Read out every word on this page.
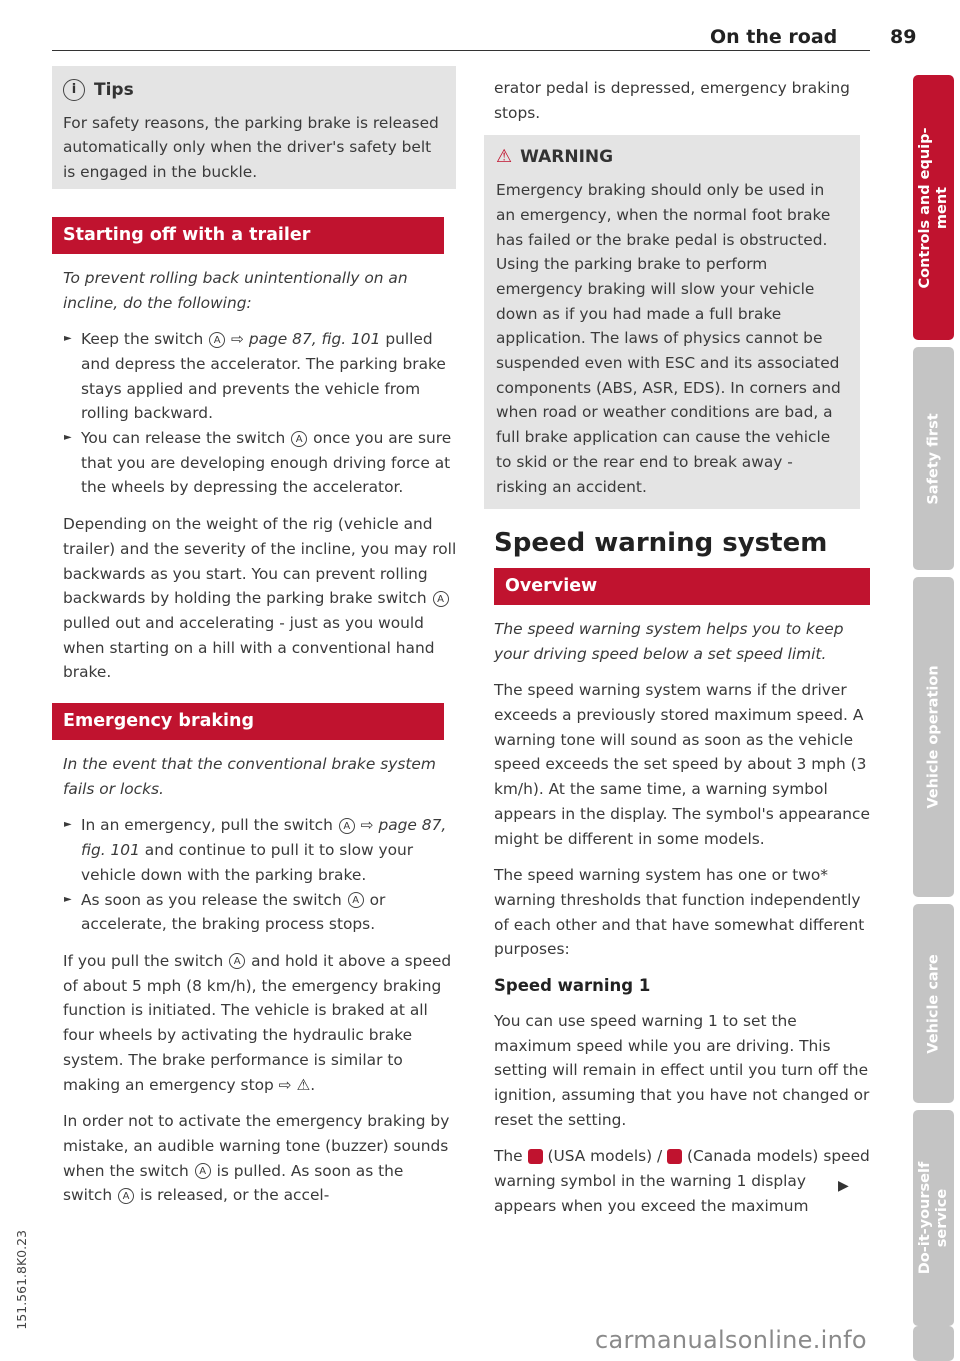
On the road	89
i	Tips

For safety reasons, the parking brake is released automatically only when the driver's safety belt is engaged in the buckle.

Starting off with a trailer

To prevent rolling back unintentionally on an incline, do the following:

► Keep the switch A ⇨ page 87, fig. 101 pulled and depress the accelerator. The parking brake stays applied and prevents the vehicle from rolling backward.
► You can release the switch A once you are sure that you are developing enough driving force at the wheels by depressing the accelerator.

Depending on the weight of the rig (vehicle and trailer) and the severity of the incline, you may roll backwards as you start. You can prevent rolling backwards by holding the parking brake switch A pulled out and accelerating - just as you would when starting on a hill with a conventional hand brake.

Emergency braking

In the event that the conventional brake system fails or locks.

► In an emergency, pull the switch A ⇨ page 87, fig. 101 and continue to pull it to slow your vehicle down with the parking brake.
► As soon as you release the switch A or accelerate, the braking process stops.

If you pull the switch A and hold it above a speed of about 5 mph (8 km/h), the emergency braking function is initiated. The vehicle is braked at all four wheels by activating the hydraulic brake system. The brake performance is similar to making an emergency stop ⇨ ⚠.

In order not to activate the emergency braking by mistake, an audible warning tone (buzzer) sounds when the switch A is pulled. As soon as the switch A is released, or the accel-

erator pedal is depressed, emergency braking stops.

⚠ WARNING

Emergency braking should only be used in an emergency, when the normal foot brake has failed or the brake pedal is obstructed. Using the parking brake to perform emergency braking will slow your vehicle down as if you had made a full brake application. The laws of physics cannot be suspended even with ESC and its associated components (ABS, ASR, EDS). In corners and when road or weather conditions are bad, a full brake application can cause the vehicle to skid or the rear end to break away - risking an accident.

Speed warning system
Overview

The speed warning system helps you to keep your driving speed below a set speed limit.

The speed warning system warns if the driver exceeds a previously stored maximum speed. A warning tone will sound as soon as the vehicle speed exceeds the set speed by about 3 mph (3 km/h). At the same time, a warning symbol appears in the display. The symbol's appearance might be different in some models.

The speed warning system has one or two* warning thresholds that function independently of each other and that have somewhat different purposes:

Speed warning 1

You can use speed warning 1 to set the maximum speed while you are driving. This setting will remain in effect until you turn off the ignition, assuming that you have not changed or reset the setting.

The (USA models) / (Canada models) speed warning symbol in the warning 1 display appears when you exceed the maximum

▶
Controls and equip-
ment
Safety first
Vehicle operation
Vehicle care
Do-it-yourself
service
151.561.8K0.23
carmanualsonline.info
